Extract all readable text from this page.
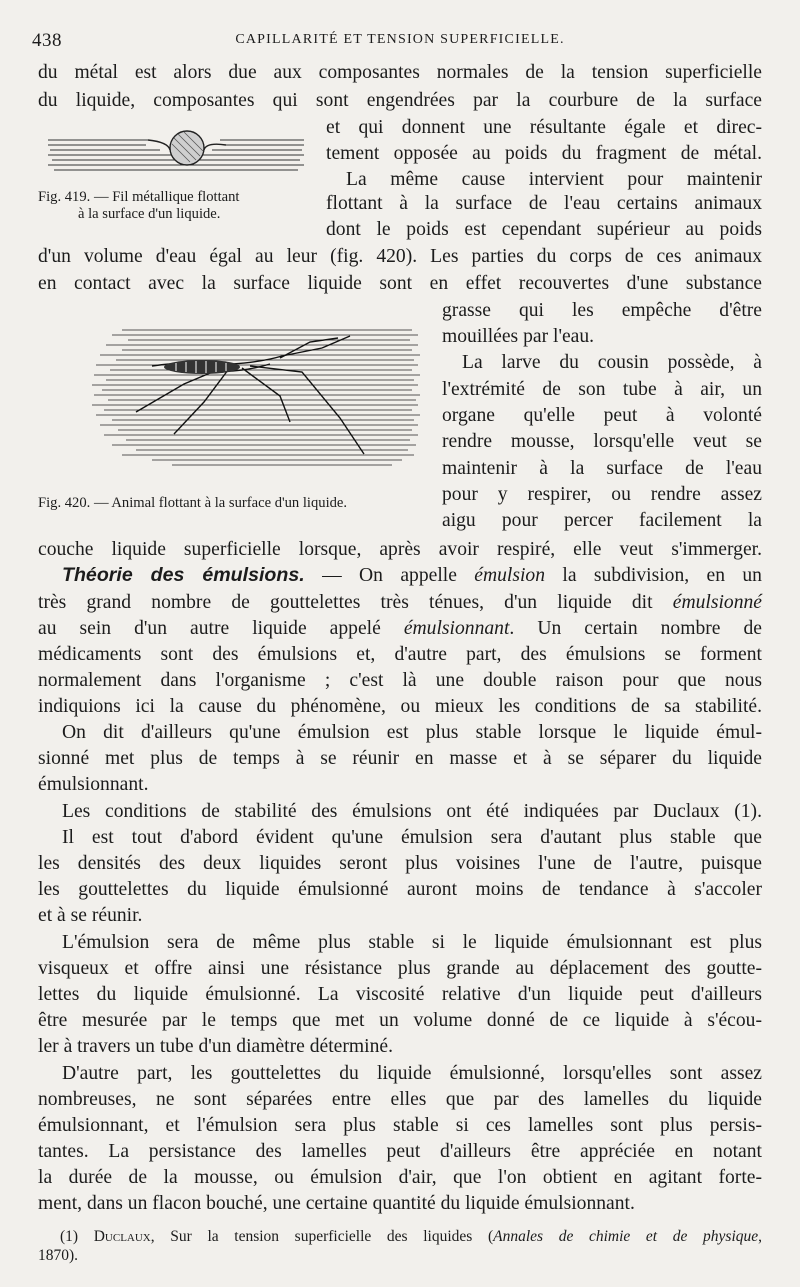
438	CAPILLARITÉ ET TENSION SUPERFICIELLE.
du métal est alors due aux composantes normales de la tension superficielle
du liquide, composantes qui sont engendrées par la courbure de la surface
et qui donnent une résultante égale et direc-
tement opposée au poids du fragment de métal.
La même cause intervient pour maintenir
Fig. 419. — Fil métallique flottant
à la surface d'un liquide.	flottant à la surface de l'eau certains animaux
dont le poids est cependant supérieur au poids
d'un volume d'eau égal au leur (fig. 420). Les parties du corps de ces animaux
en contact avec la surface liquide sont en effet recouvertes d'une substance
grasse qui les empêche d'être
mouillées par l'eau.
La larve du cousin possède, à
l'extrémité de son tube à air, un
organe qu'elle peut à volonté
rendre mousse, lorsqu'elle veut se
maintenir à la surface de l'eau
pour y respirer, ou rendre assez
Fig. 420. — Animal flottant à la surface d'un liquide.
aigu pour percer facilement la
couche liquide superficielle lorsque, après avoir respiré, elle veut s'immerger.
Théorie des émulsions. — On appelle émulsion la subdivision, en un
très grand nombre de gouttelettes très ténues, d'un liquide dit émulsionné
au sein d'un autre liquide appelé émulsionnant. Un certain nombre de
médicaments sont des émulsions et, d'autre part, des émulsions se forment
normalement dans l'organisme ; c'est là une double raison pour que nous
indiquions ici la cause du phénomène, ou mieux les conditions de sa stabilité.
On dit d'ailleurs qu'une émulsion est plus stable lorsque le liquide émul-
sionné met plus de temps à se réunir en masse et à se séparer du liquide
émulsionnant.
Les conditions de stabilité des émulsions ont été indiquées par Duclaux (1).
Il est tout d'abord évident qu'une émulsion sera d'autant plus stable que
les densités des deux liquides seront plus voisines l'une de l'autre, puisque
les gouttelettes du liquide émulsionné auront moins de tendance à s'accoler
et à se réunir.
L'émulsion sera de même plus stable si le liquide émulsionnant est plus
visqueux et offre ainsi une résistance plus grande au déplacement des goutte-
lettes du liquide émulsionné. La viscosité relative d'un liquide peut d'ailleurs
être mesurée par le temps que met un volume donné de ce liquide à s'écou-
ler à travers un tube d'un diamètre déterminé.
D'autre part, les gouttelettes du liquide émulsionné, lorsqu'elles sont assez
nombreuses, ne sont séparées entre elles que par des lamelles du liquide
émulsionnant, et l'émulsion sera plus stable si ces lamelles sont plus persis-
tantes. La persistance des lamelles peut d'ailleurs être appréciée en notant
la durée de la mousse, ou émulsion d'air, que l'on obtient en agitant forte-
ment, dans un flacon bouché, une certaine quantité du liquide émulsionnant.
(1) Duclaux, Sur la tension superficielle des liquides (Annales de chimie et de physique,
1870).
